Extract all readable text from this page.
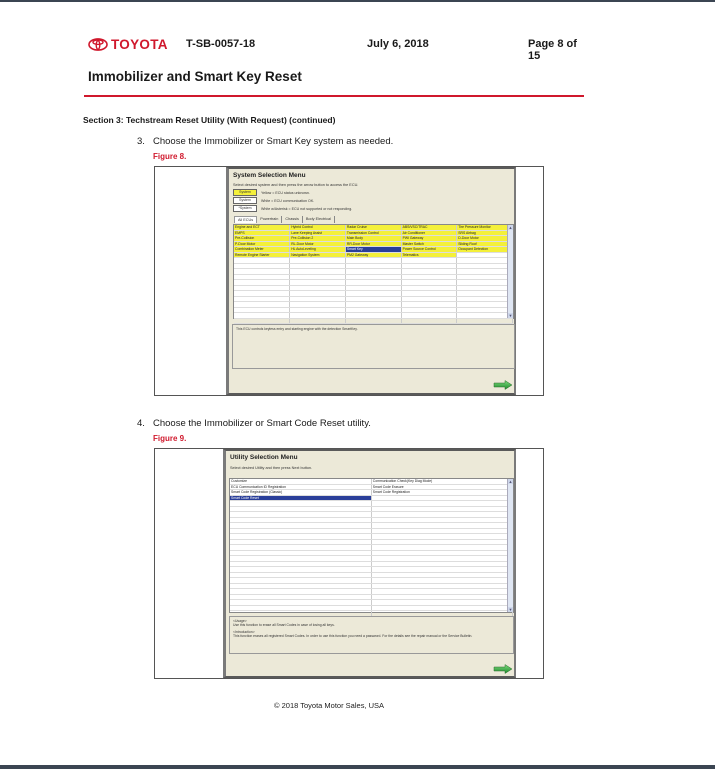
TOYOTA T-SB-0057-18	July 6, 2018	Page 8 of 15
Immobilizer and Smart Key Reset
Section 3: Techstream Reset Utility (With Request) (continued)
3. Choose the Immobilizer or Smart Key system as needed.
Figure 8.
System Selection Menu
Select desired system and then press the arrow button to access the ECU.
System	Yellow = ECU status unknown.
System	White = ECU communication OK.
*System	White w/Asterisk = ECU not supported or not responding.
All ECUs	Powertrain	Chassis	Body Electrical
Engine and ECT	Hybrid Control	Radar Cruise	ABS/VSC/TRAC	Tire Pressure Monitor
EMPS	Lane Keeping Assist	Transmission Control	Air Conditioner	SRS Airbag
Pre-Collision	Pre-Collision 2	Main Body	PWI Gateway	D-Door Motor
P-Door Motor	RL-Door Motor	RR-Door Motor	Master Switch	Sliding Roof
Combination Meter	HL AutoLeveling	Smart Key	Power Source Control	Occupant Detection
Remote Engine Starter	Navigation System	PM2 Gateway	Telematics	

▲
▼

This ECU controls keyless entry and starting engine with the detection SmartKey.

4. Choose the Immobilizer or Smart Code Reset utility.
Figure 9.
Utility Selection Menu
Select desired Utility and then press Next button.
Customize	Communication Check(Key Diag Mode)
ECU Communication ID Registration	Smart Code Erasure
Smart Code Registration (Classic)	Smart Code Registration
Smart Code Reset	

▲
▼

<Usage>
Use this function to erase all Smart Codes in case of losing all keys.

<Introduction>
This function erases all registered Smart Codes. In order to use this function you need a password. For the details see the repair manual or the Service Bulletin.

© 2018 Toyota Motor Sales, USA
